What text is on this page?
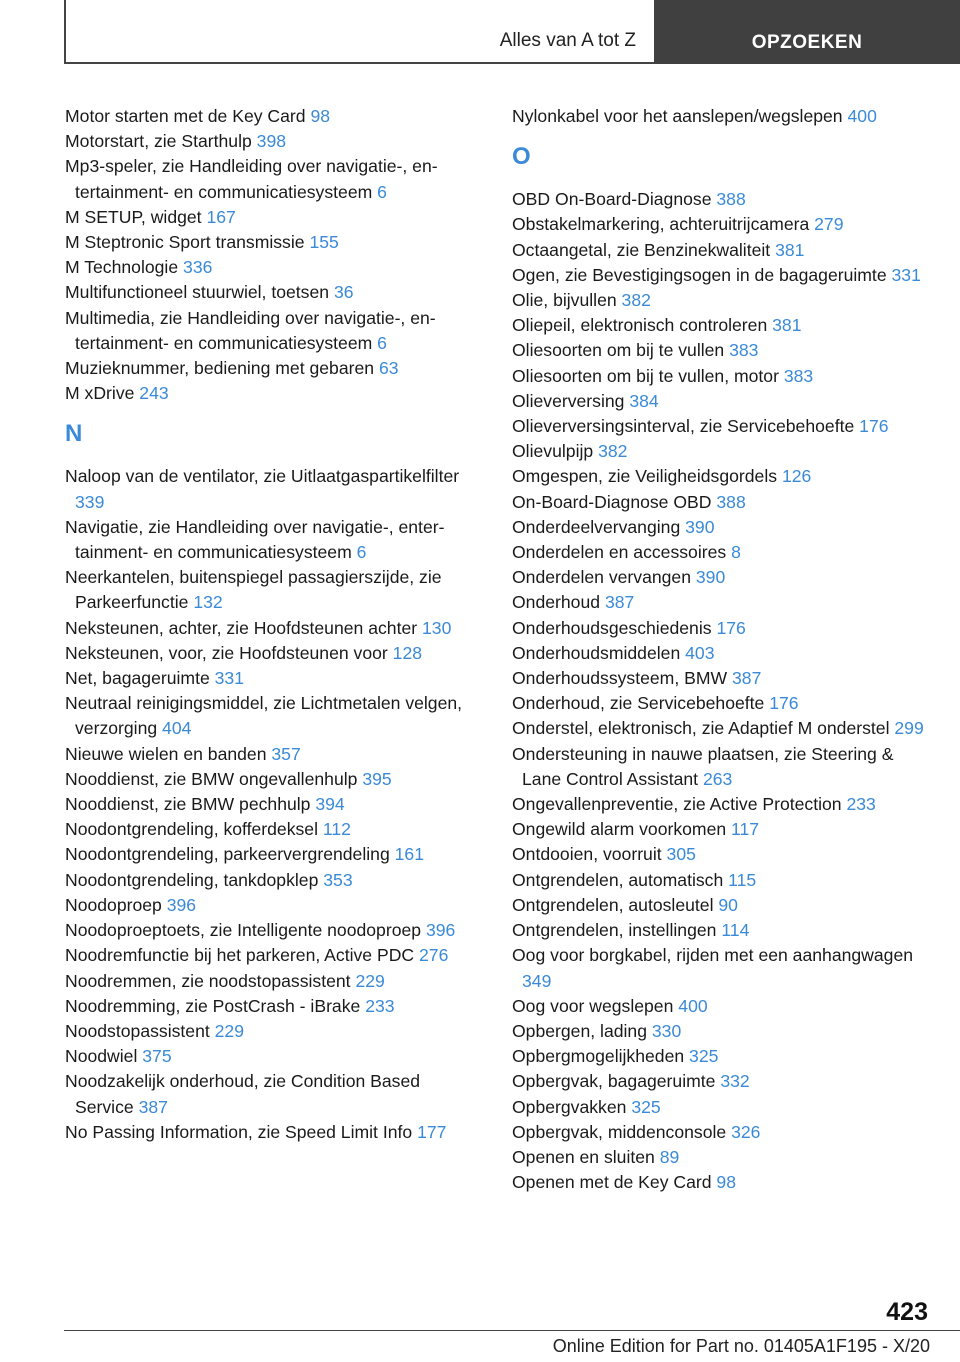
Alles van A tot Z	OPZOEKEN
Motor starten met de Key Card 98
Motorstart, zie Starthulp 398
Mp3-speler, zie Handleiding over navigatie-, entertainment- en communicatiesysteem 6
M SETUP, widget 167
M Steptronic Sport transmissie 155
M Technologie 336
Multifunctioneel stuurwiel, toetsen 36
Multimedia, zie Handleiding over navigatie-, entertainment- en communicatiesysteem 6
Muzieknummer, bediening met gebaren 63
M xDrive 243
N
Naloop van de ventilator, zie Uitlaatgaspartikelfilter 339
Navigatie, zie Handleiding over navigatie-, entertainment- en communicatiesysteem 6
Neerkantelen, buitenspiegel passagierszijde, zie Parkeerfunctie 132
Neksteunen, achter, zie Hoofdsteunen achter 130
Neksteunen, voor, zie Hoofdsteunen voor 128
Net, bagageruimte 331
Neutraal reinigingsmiddel, zie Lichtmetalen velgen, verzorging 404
Nieuwe wielen en banden 357
Nooddienst, zie BMW ongevallenhulp 395
Nooddienst, zie BMW pechhulp 394
Noodontgrendeling, kofferdeksel 112
Noodontgrendeling, parkeervergrendeling 161
Noodontgrendeling, tankdopklep 353
Noodoproep 396
Noodoproeptoets, zie Intelligente noodoproep 396
Noodremfunctie bij het parkeren, Active PDC 276
Noodremmen, zie noodstopassistent 229
Noodremming, zie PostCrash - iBrake 233
Noodstopassistent 229
Noodwiel 375
Noodzakelijk onderhoud, zie Condition Based Service 387
No Passing Information, zie Speed Limit Info 177
Nylonkabel voor het aanslepen/wegslepen 400
O
OBD On-Board-Diagnose 388
Obstakelmarkering, achteruitrijcamera 279
Octaangetal, zie Benzinekwaliteit 381
Ogen, zie Bevestigingsogen in de bagageruimte 331
Olie, bijvullen 382
Oliepeil, elektronisch controleren 381
Oliesoorten om bij te vullen 383
Oliesoorten om bij te vullen, motor 383
Olieverversing 384
Olieverversingsinterval, zie Servicebehoefte 176
Olievulpijp 382
Omgespen, zie Veiligheidsgordels 126
On-Board-Diagnose OBD 388
Onderdeelvervanging 390
Onderdelen en accessoires 8
Onderdelen vervangen 390
Onderhoud 387
Onderhoudsgeschiedenis 176
Onderhoudsmiddelen 403
Onderhoudssysteem, BMW 387
Onderhoud, zie Servicebehoefte 176
Onderstel, elektronisch, zie Adaptief M onderstel 299
Ondersteuning in nauwe plaatsen, zie Steering & Lane Control Assistant 263
Ongevallenpreventie, zie Active Protection 233
Ongewild alarm voorkomen 117
Ontdooien, voorruit 305
Ontgrendelen, automatisch 115
Ontgrendelen, autosleutel 90
Ontgrendelen, instellingen 114
Oog voor borgkabel, rijden met een aanhangwagen 349
Oog voor wegslepen 400
Opbergen, lading 330
Opbergmogelijkheden 325
Opbergvak, bagageruimte 332
Opbergvakken 325
Opbergvak, middenconsole 326
Openen en sluiten 89
Openen met de Key Card 98
423
Online Edition for Part no. 01405A1F195 - X/20
